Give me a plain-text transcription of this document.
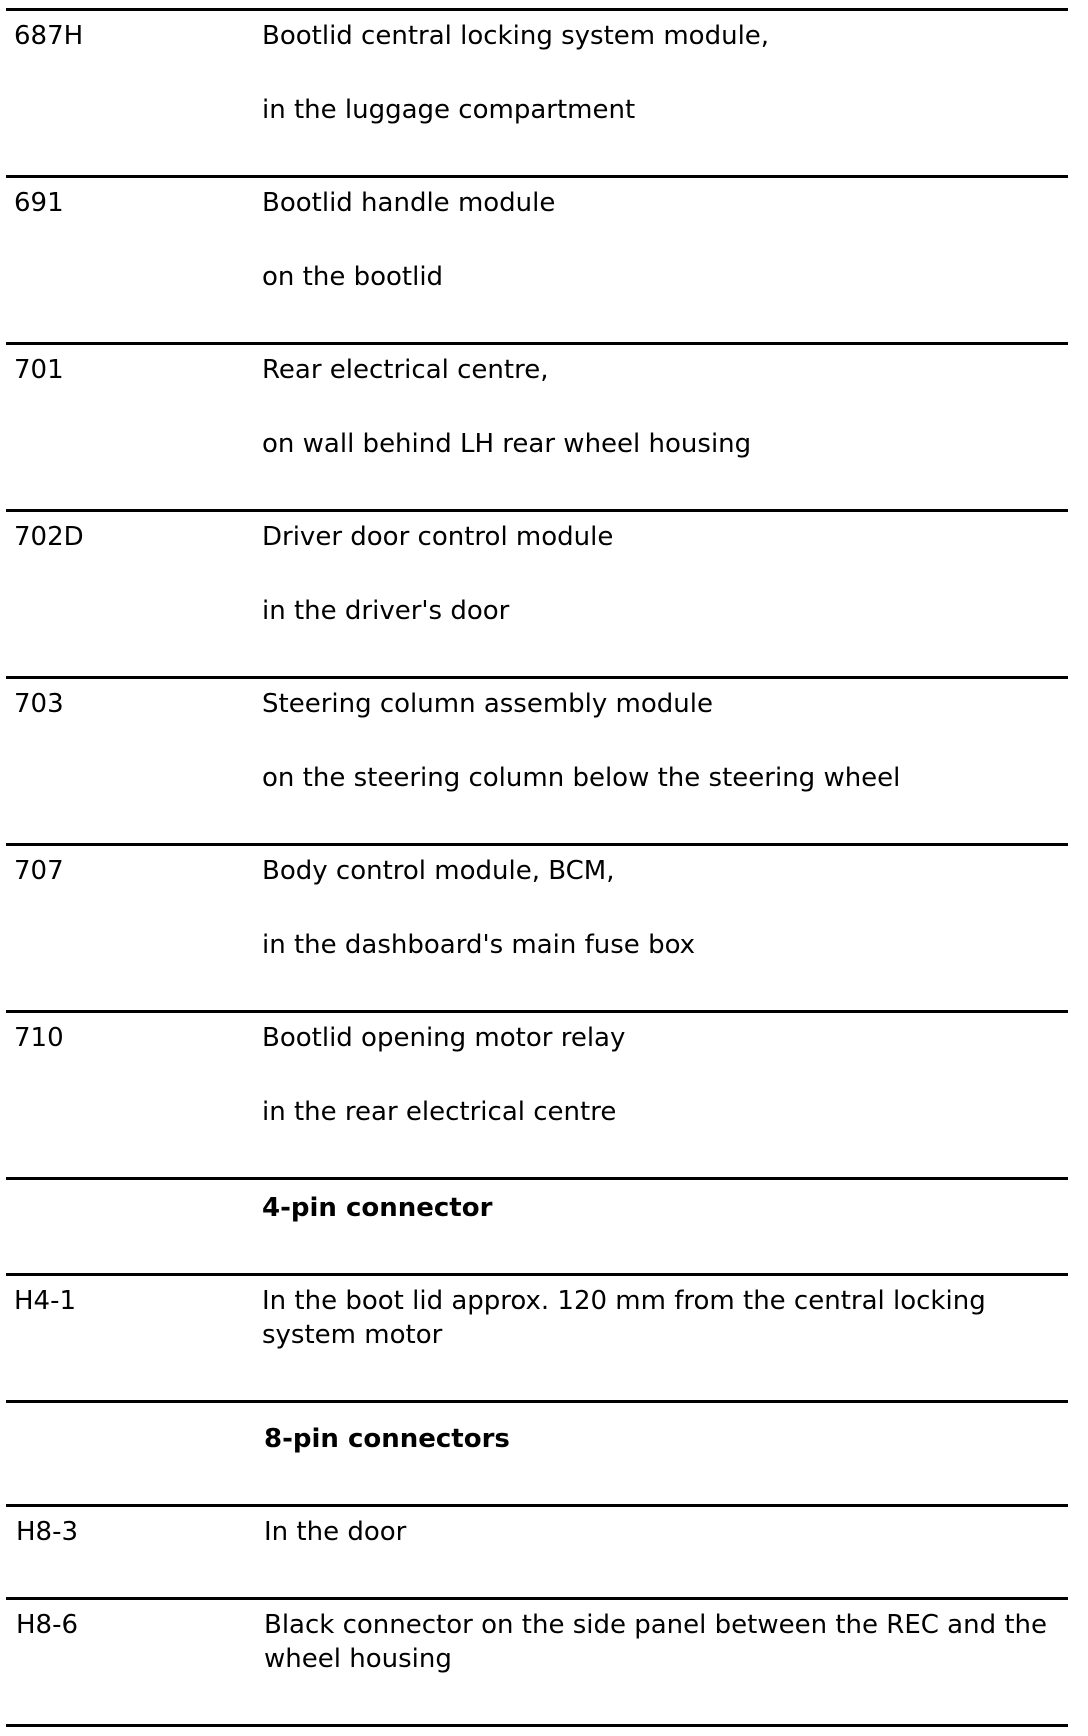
687H	Bootlid central locking system module,

in the luggage compartment

691	Bootlid handle module

on the bootlid

701	Rear electrical centre,

on wall behind LH rear wheel housing

702D	Driver door control module

in the driver's door

703	Steering column assembly module

on the steering column below the steering wheel

707	Body control module, BCM,

in the dashboard's main fuse box

710	Bootlid opening motor relay

in the rear electrical centre

4-pin connector

H4-1	In the boot lid approx. 120 mm from the central locking system motor

8-pin connectors

H8-3	In the door

H8-6	Black connector on the side panel between the REC and the wheel housing
